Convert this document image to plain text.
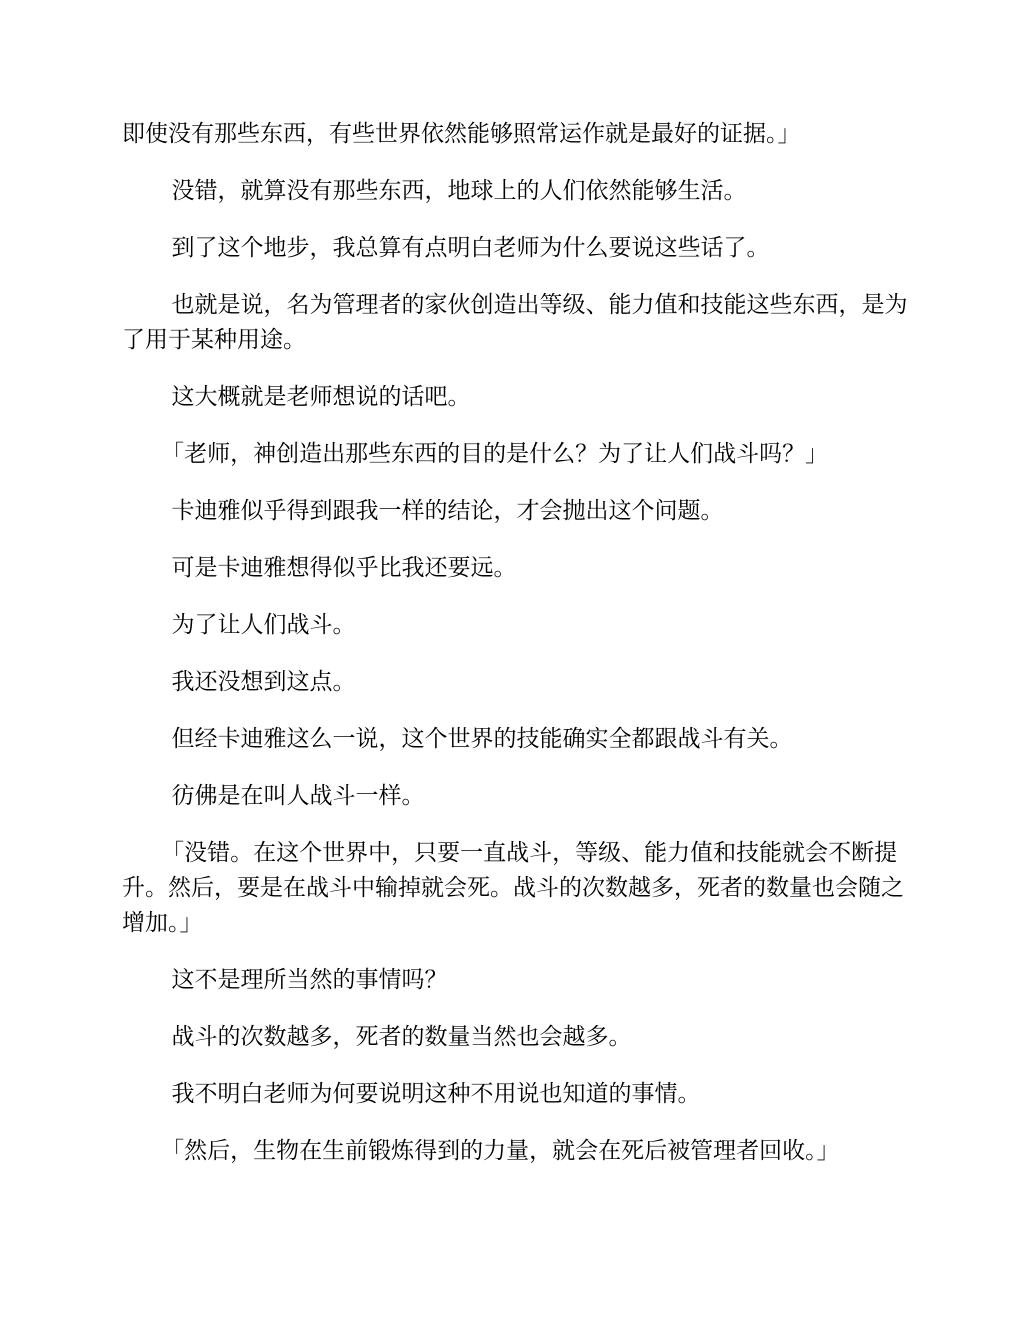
即使没有那些东西，有些世界依然能够照常运作就是最好的证据。」

没错，就算没有那些东西，地球上的人们依然能够生活。

到了这个地步，我总算有点明白老师为什么要说这些话了。

也就是说，名为管理者的家伙创造出等级、能力值和技能这些东西，是为了用于某种用途。

这大概就是老师想说的话吧。

「老师，神创造出那些东西的目的是什么？为了让人们战斗吗？」

卡迪雅似乎得到跟我一样的结论，才会抛出这个问题。

可是卡迪雅想得似乎比我还要远。

为了让人们战斗。

我还没想到这点。

但经卡迪雅这么一说，这个世界的技能确实全都跟战斗有关。

彷佛是在叫人战斗一样。

「没错。在这个世界中，只要一直战斗，等级、能力值和技能就会不断提升。然后，要是在战斗中输掉就会死。战斗的次数越多，死者的数量也会随之增加。」

这不是理所当然的事情吗？

战斗的次数越多，死者的数量当然也会越多。

我不明白老师为何要说明这种不用说也知道的事情。

「然后，生物在生前锻炼得到的力量，就会在死后被管理者回收。」
